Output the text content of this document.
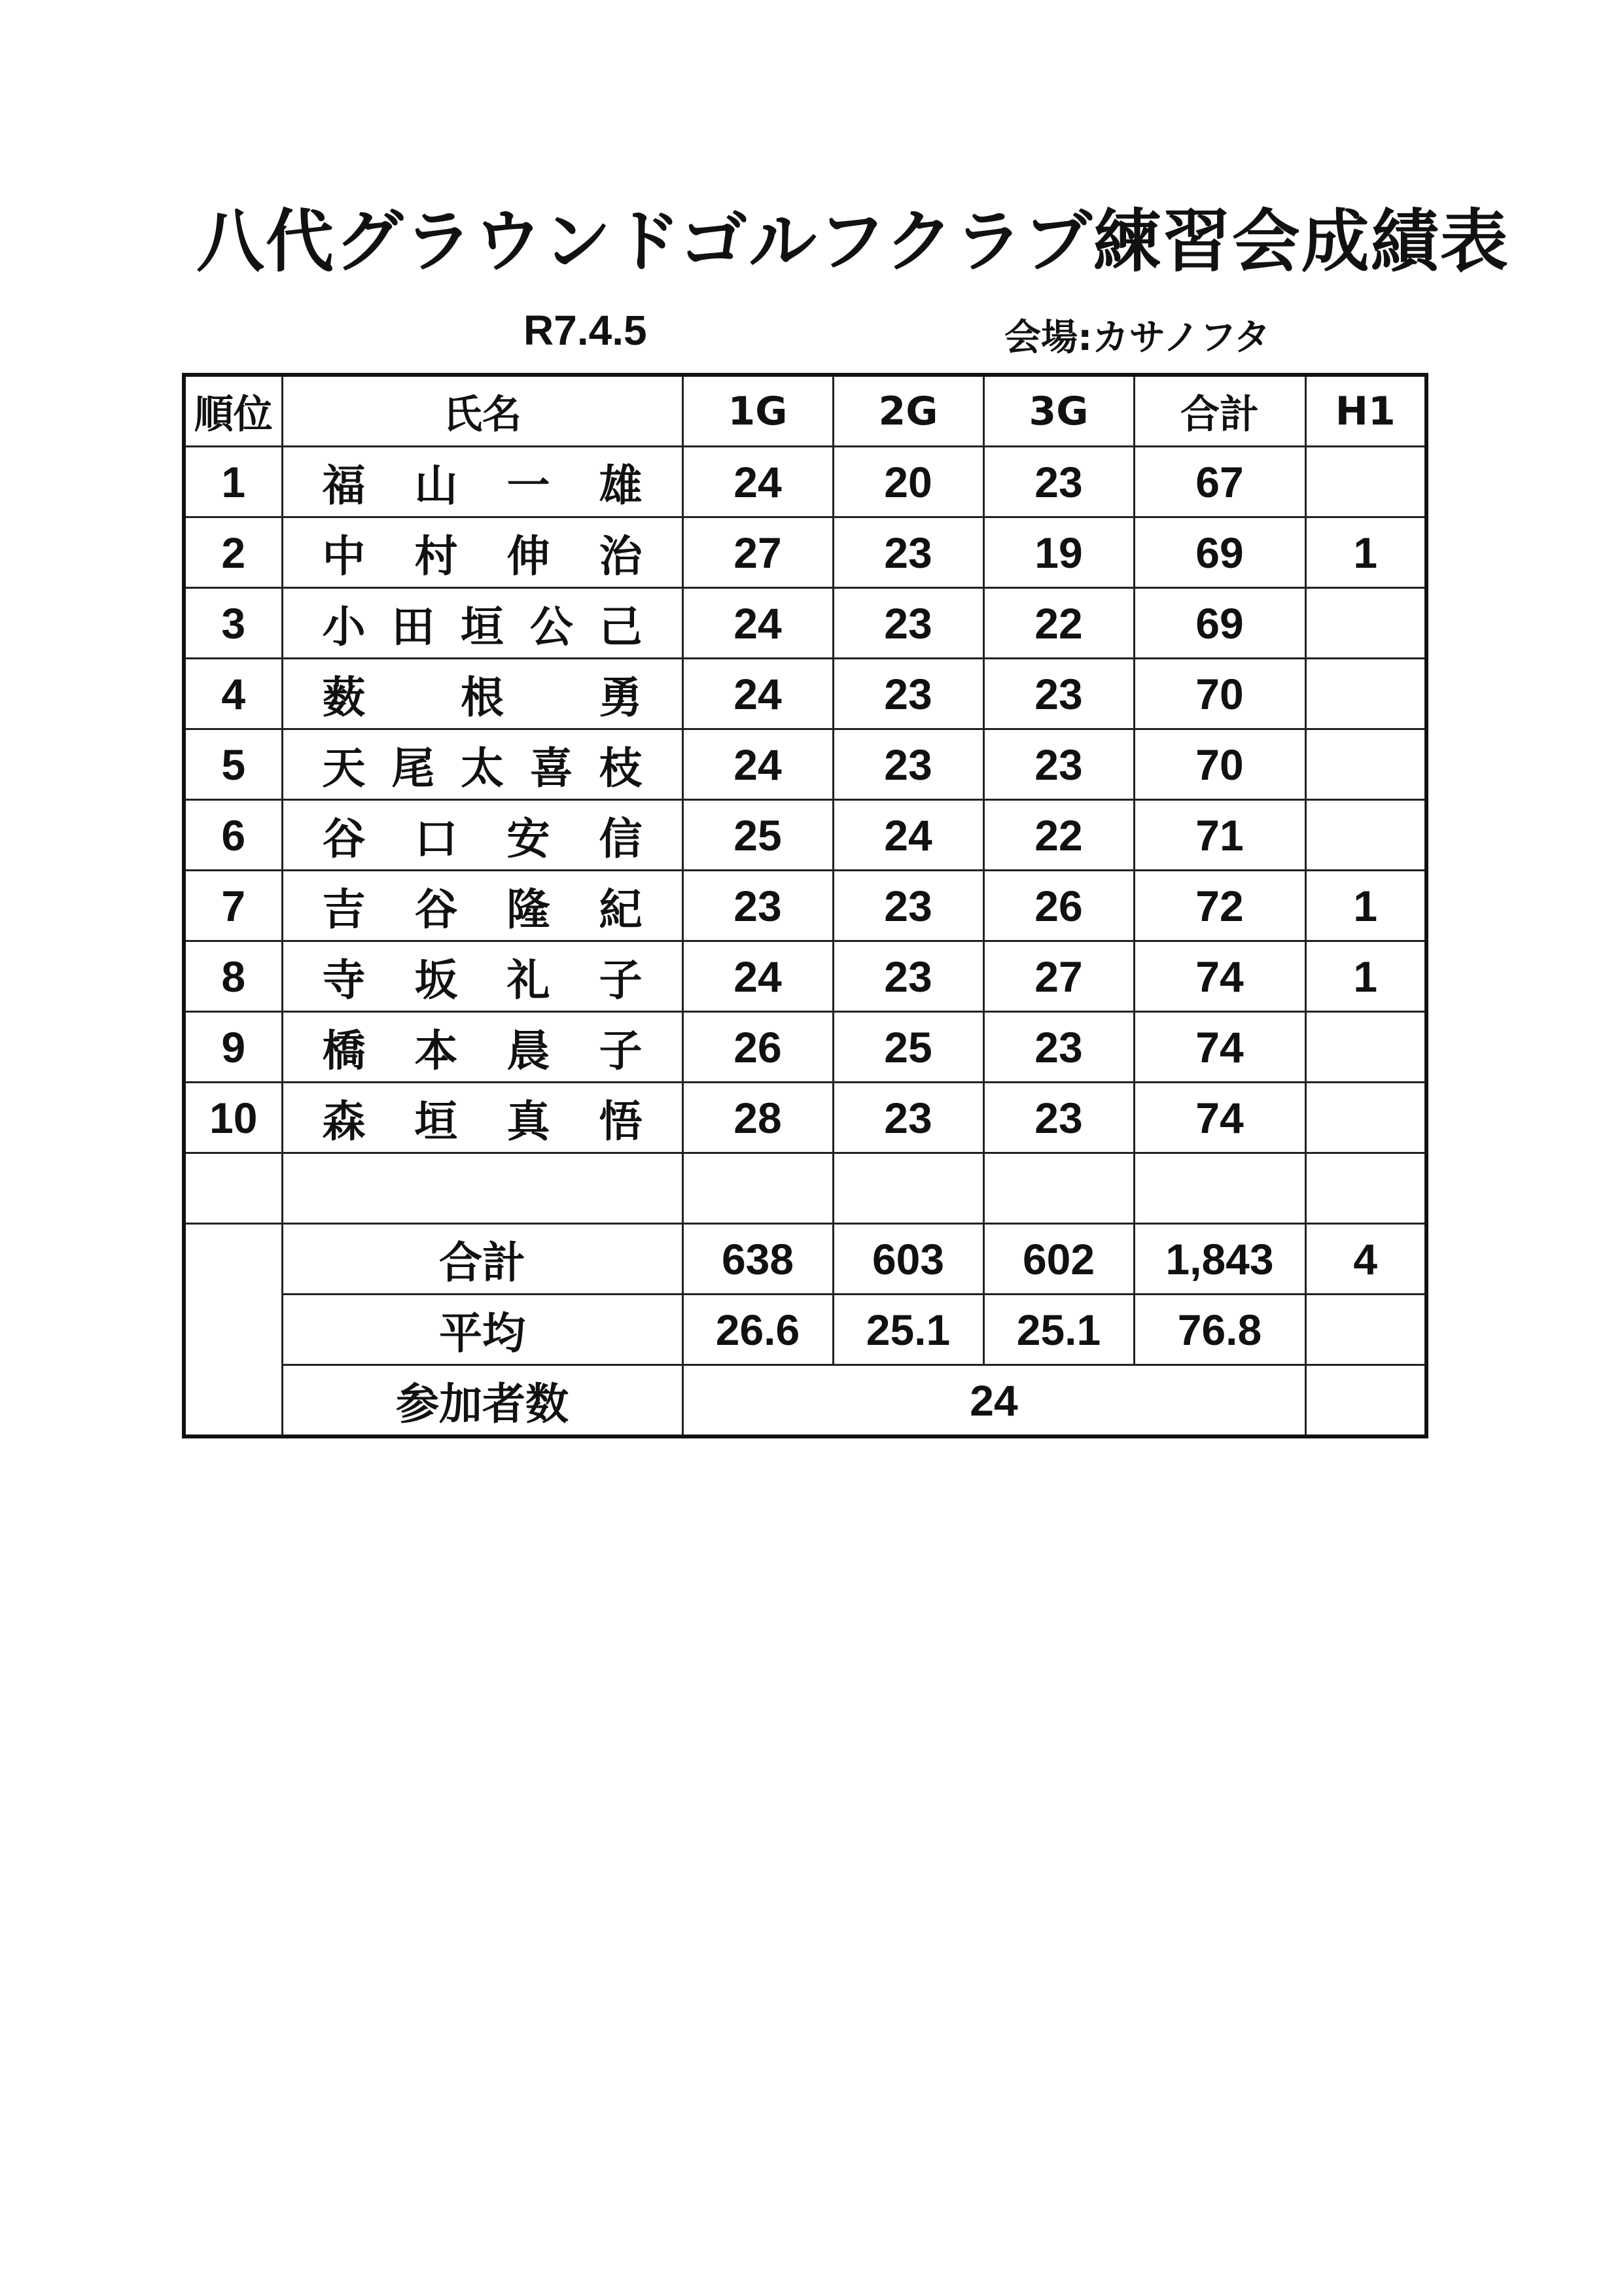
八代グラウンドゴルフクラブ練習会成績表
R7.4.5	会場:カサノフタ
順位	氏名	1G	2G	3G	合計	H1
1	福 山 一 雄	24	20	23	67	
2	中 村 伸 治	27	23	19	69	1
3	小 田 垣 公 己	24	23	22	69	
4	薮 根 勇	24	23	23	70	
5	天 尾 太 喜 枝	24	23	23	70	
6	谷 口 安 信	25	24	22	71	
7	吉 谷 隆 紀	23	23	26	72	1
8	寺 坂 礼 子	24	23	27	74	1
9	橋 本 晨 子	26	25	23	74	
10	森 垣 真 悟	28	23	23	74	

	合計	638	603	602	1,843	4
	平均	26.6	25.1	25.1	76.8	
	参加者数	24				
